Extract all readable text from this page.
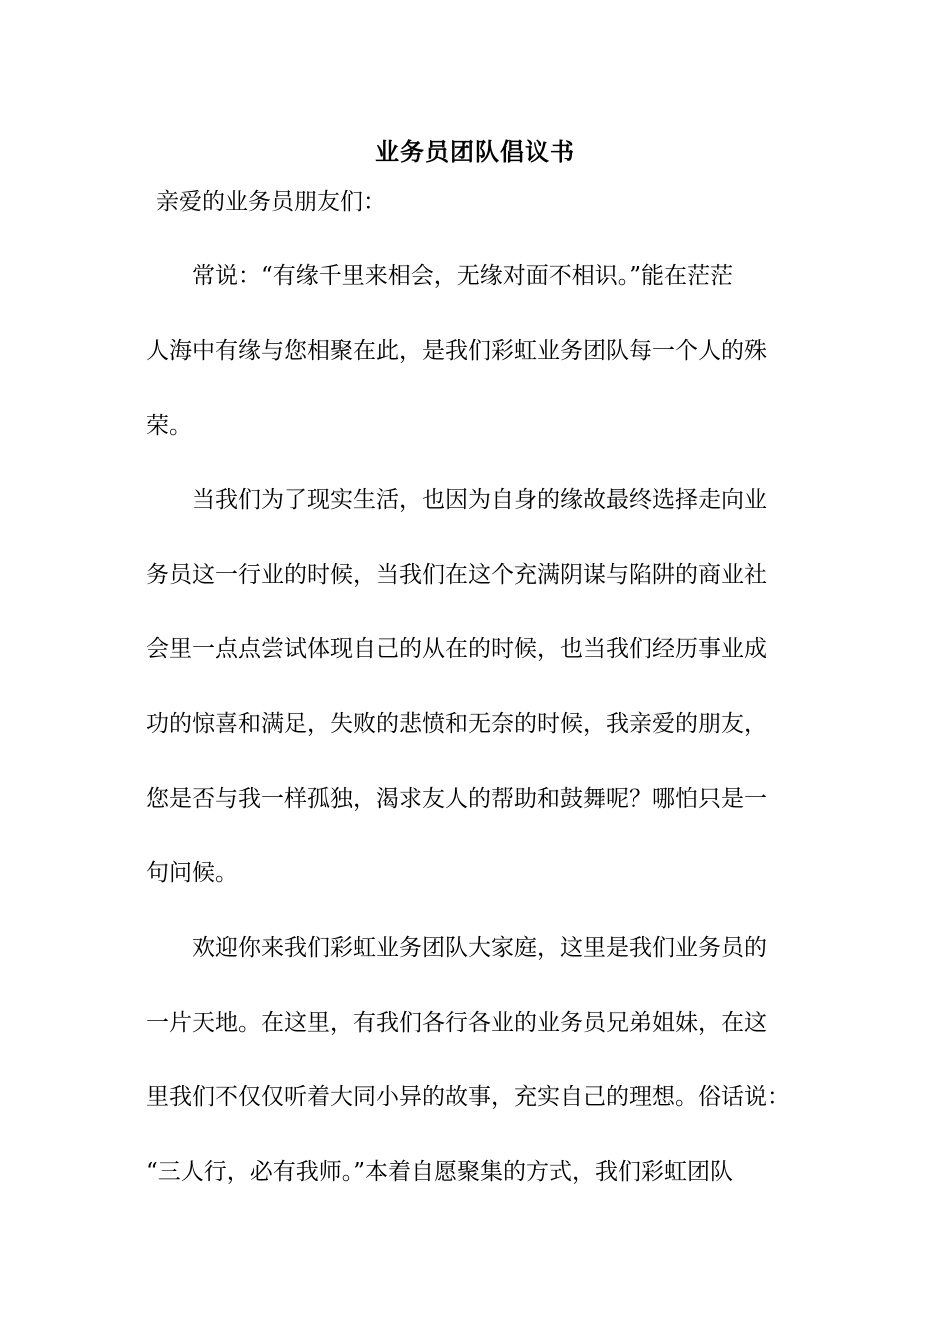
业务员团队倡议书
亲爱的业务员朋友们：
　　常说：“有缘千里来相会，无缘对面不相识。”能在茫茫
人海中有缘与您相聚在此，是我们彩虹业务团队每一个人的殊
荣。
　　当我们为了现实生活，也因为自身的缘故最终选择走向业
务员这一行业的时候，当我们在这个充满阴谋与陷阱的商业社
会里一点点尝试体现自己的从在的时候，也当我们经历事业成
功的惊喜和满足，失败的悲愤和无奈的时候，我亲爱的朋友，
您是否与我一样孤独，渴求友人的帮助和鼓舞呢？哪怕只是一
句问候。
　　欢迎你来我们彩虹业务团队大家庭，这里是我们业务员的
一片天地。在这里，有我们各行各业的业务员兄弟姐妹，在这
里我们不仅仅听着大同小异的故事，充实自己的理想。俗话说：
“三人行，必有我师。”本着自愿聚集的方式，我们彩虹团队
